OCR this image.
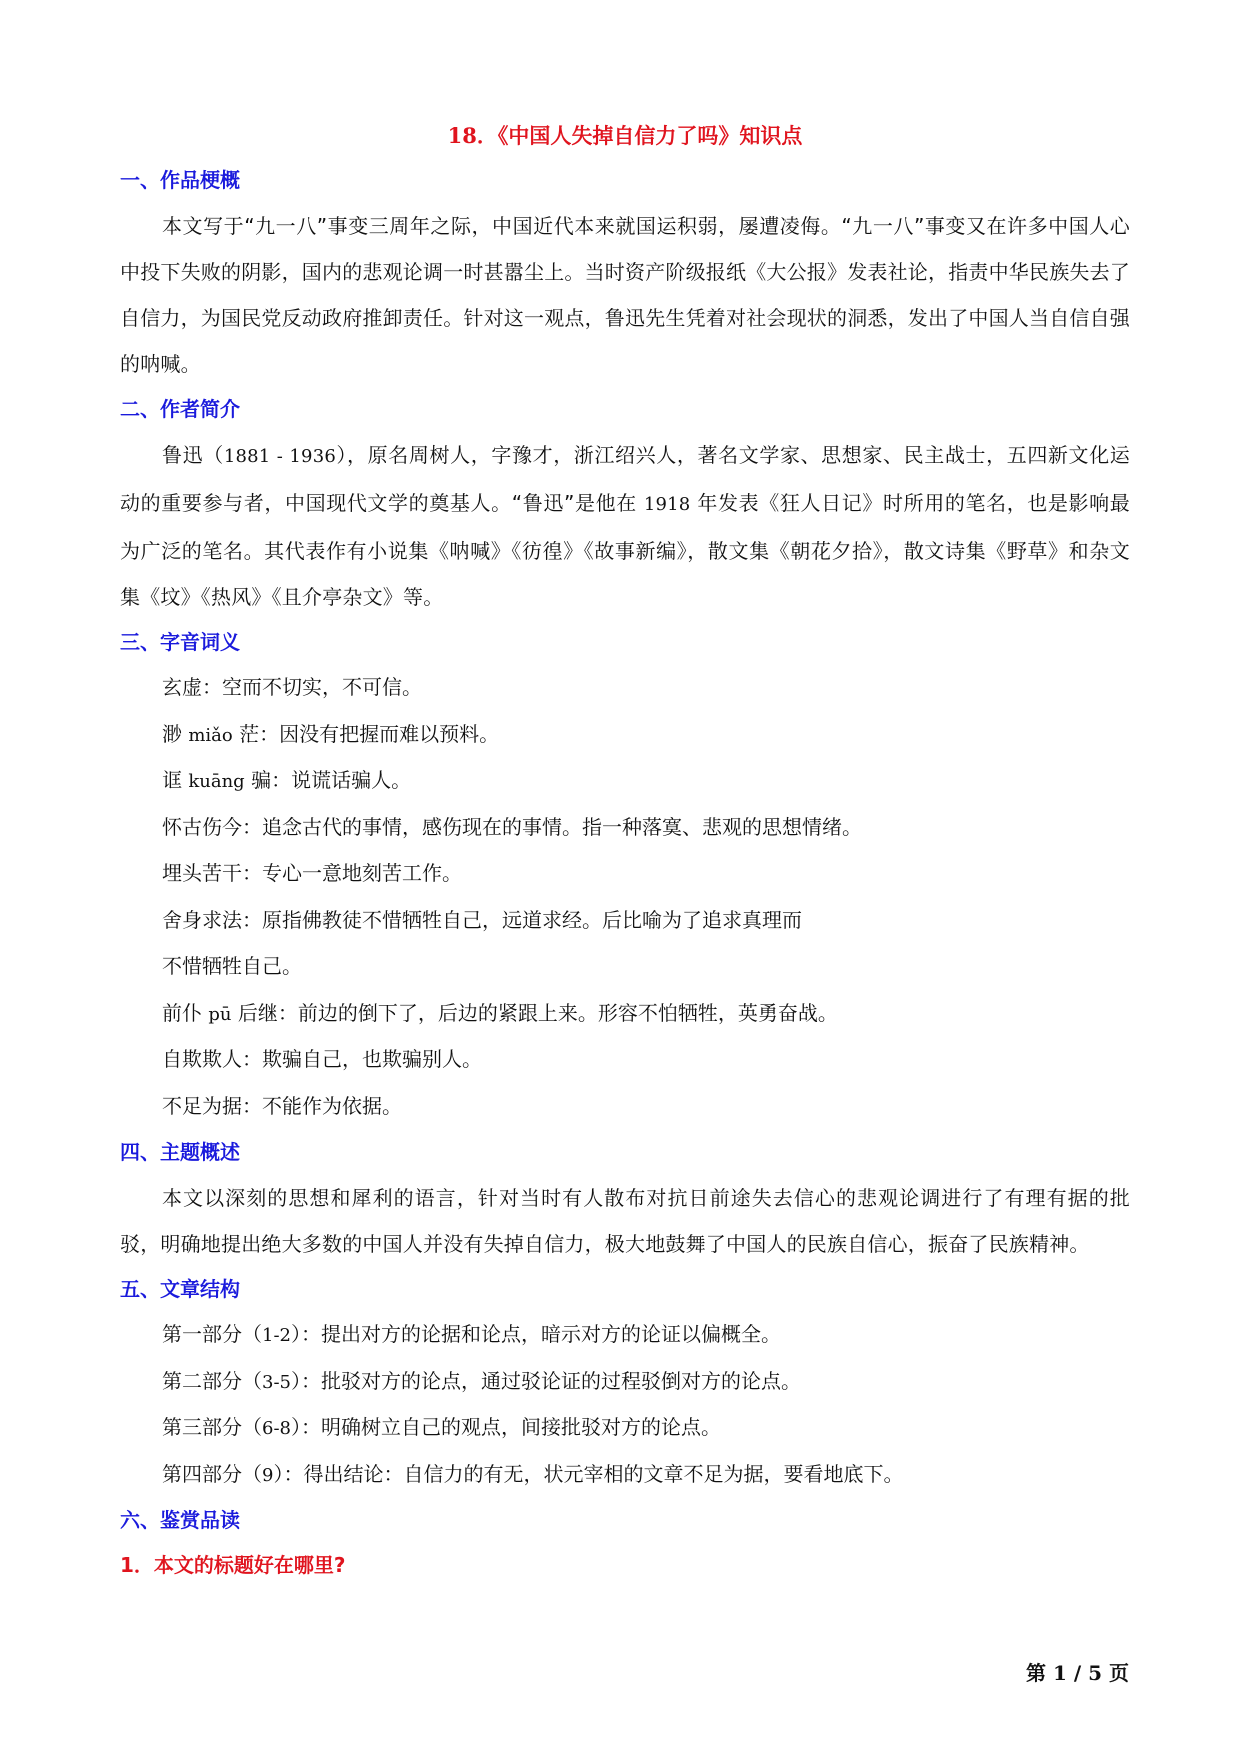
18．《中国人失掉自信力了吗》知识点
一、作品梗概

本文写于“九一八”事变三周年之际，中国近代本来就国运积弱，屡遭凌侮。“九一八”事变又在许多中国人心中投下失败的阴影，国内的悲观论调一时甚嚣尘上。当时资产阶级报纸《大公报》发表社论，指责中华民族失去了自信力，为国民党反动政府推卸责任。针对这一观点，鲁迅先生凭着对社会现状的洞悉，发出了中国人当自信自强的呐喊。

二、作者简介

鲁迅（1881 - 1936），原名周树人，字豫才，浙江绍兴人，著名文学家、思想家、民主战士，五四新文化运动的重要参与者，中国现代文学的奠基人。“鲁迅”是他在 1918 年发表《狂人日记》时所用的笔名，也是影响最为广泛的笔名。其代表作有小说集《呐喊》《彷徨》《故事新编》，散文集《朝花夕拾》，散文诗集《野草》和杂文集《坟》《热风》《且介亭杂文》等。

三、字音词义

玄虚：空而不切实，不可信。

渺 miǎo 茫：因没有把握而难以预料。

诓 kuāng 骗：说谎话骗人。

怀古伤今：追念古代的事情，感伤现在的事情。指一种落寞、悲观的思想情绪。

埋头苦干：专心一意地刻苦工作。

舍身求法：原指佛教徒不惜牺牲自己，远道求经。后比喻为了追求真理而

不惜牺牲自己。

前仆 pū 后继：前边的倒下了，后边的紧跟上来。形容不怕牺牲，英勇奋战。

自欺欺人：欺骗自己，也欺骗别人。

不足为据：不能作为依据。

四、主题概述

本文以深刻的思想和犀利的语言，针对当时有人散布对抗日前途失去信心的悲观论调进行了有理有据的批驳，明确地提出绝大多数的中国人并没有失掉自信力，极大地鼓舞了中国人的民族自信心，振奋了民族精神。

五、文章结构

第一部分（1-2）：提出对方的论据和论点，暗示对方的论证以偏概全。

第二部分（3-5）：批驳对方的论点，通过驳论证的过程驳倒对方的论点。

第三部分（6-8）：明确树立自己的观点，间接批驳对方的论点。

第四部分（9）：得出结论：自信力的有无，状元宰相的文章不足为据，要看地底下。

六、鉴赏品读
1．本文的标题好在哪里?
第 1 / 5 页
